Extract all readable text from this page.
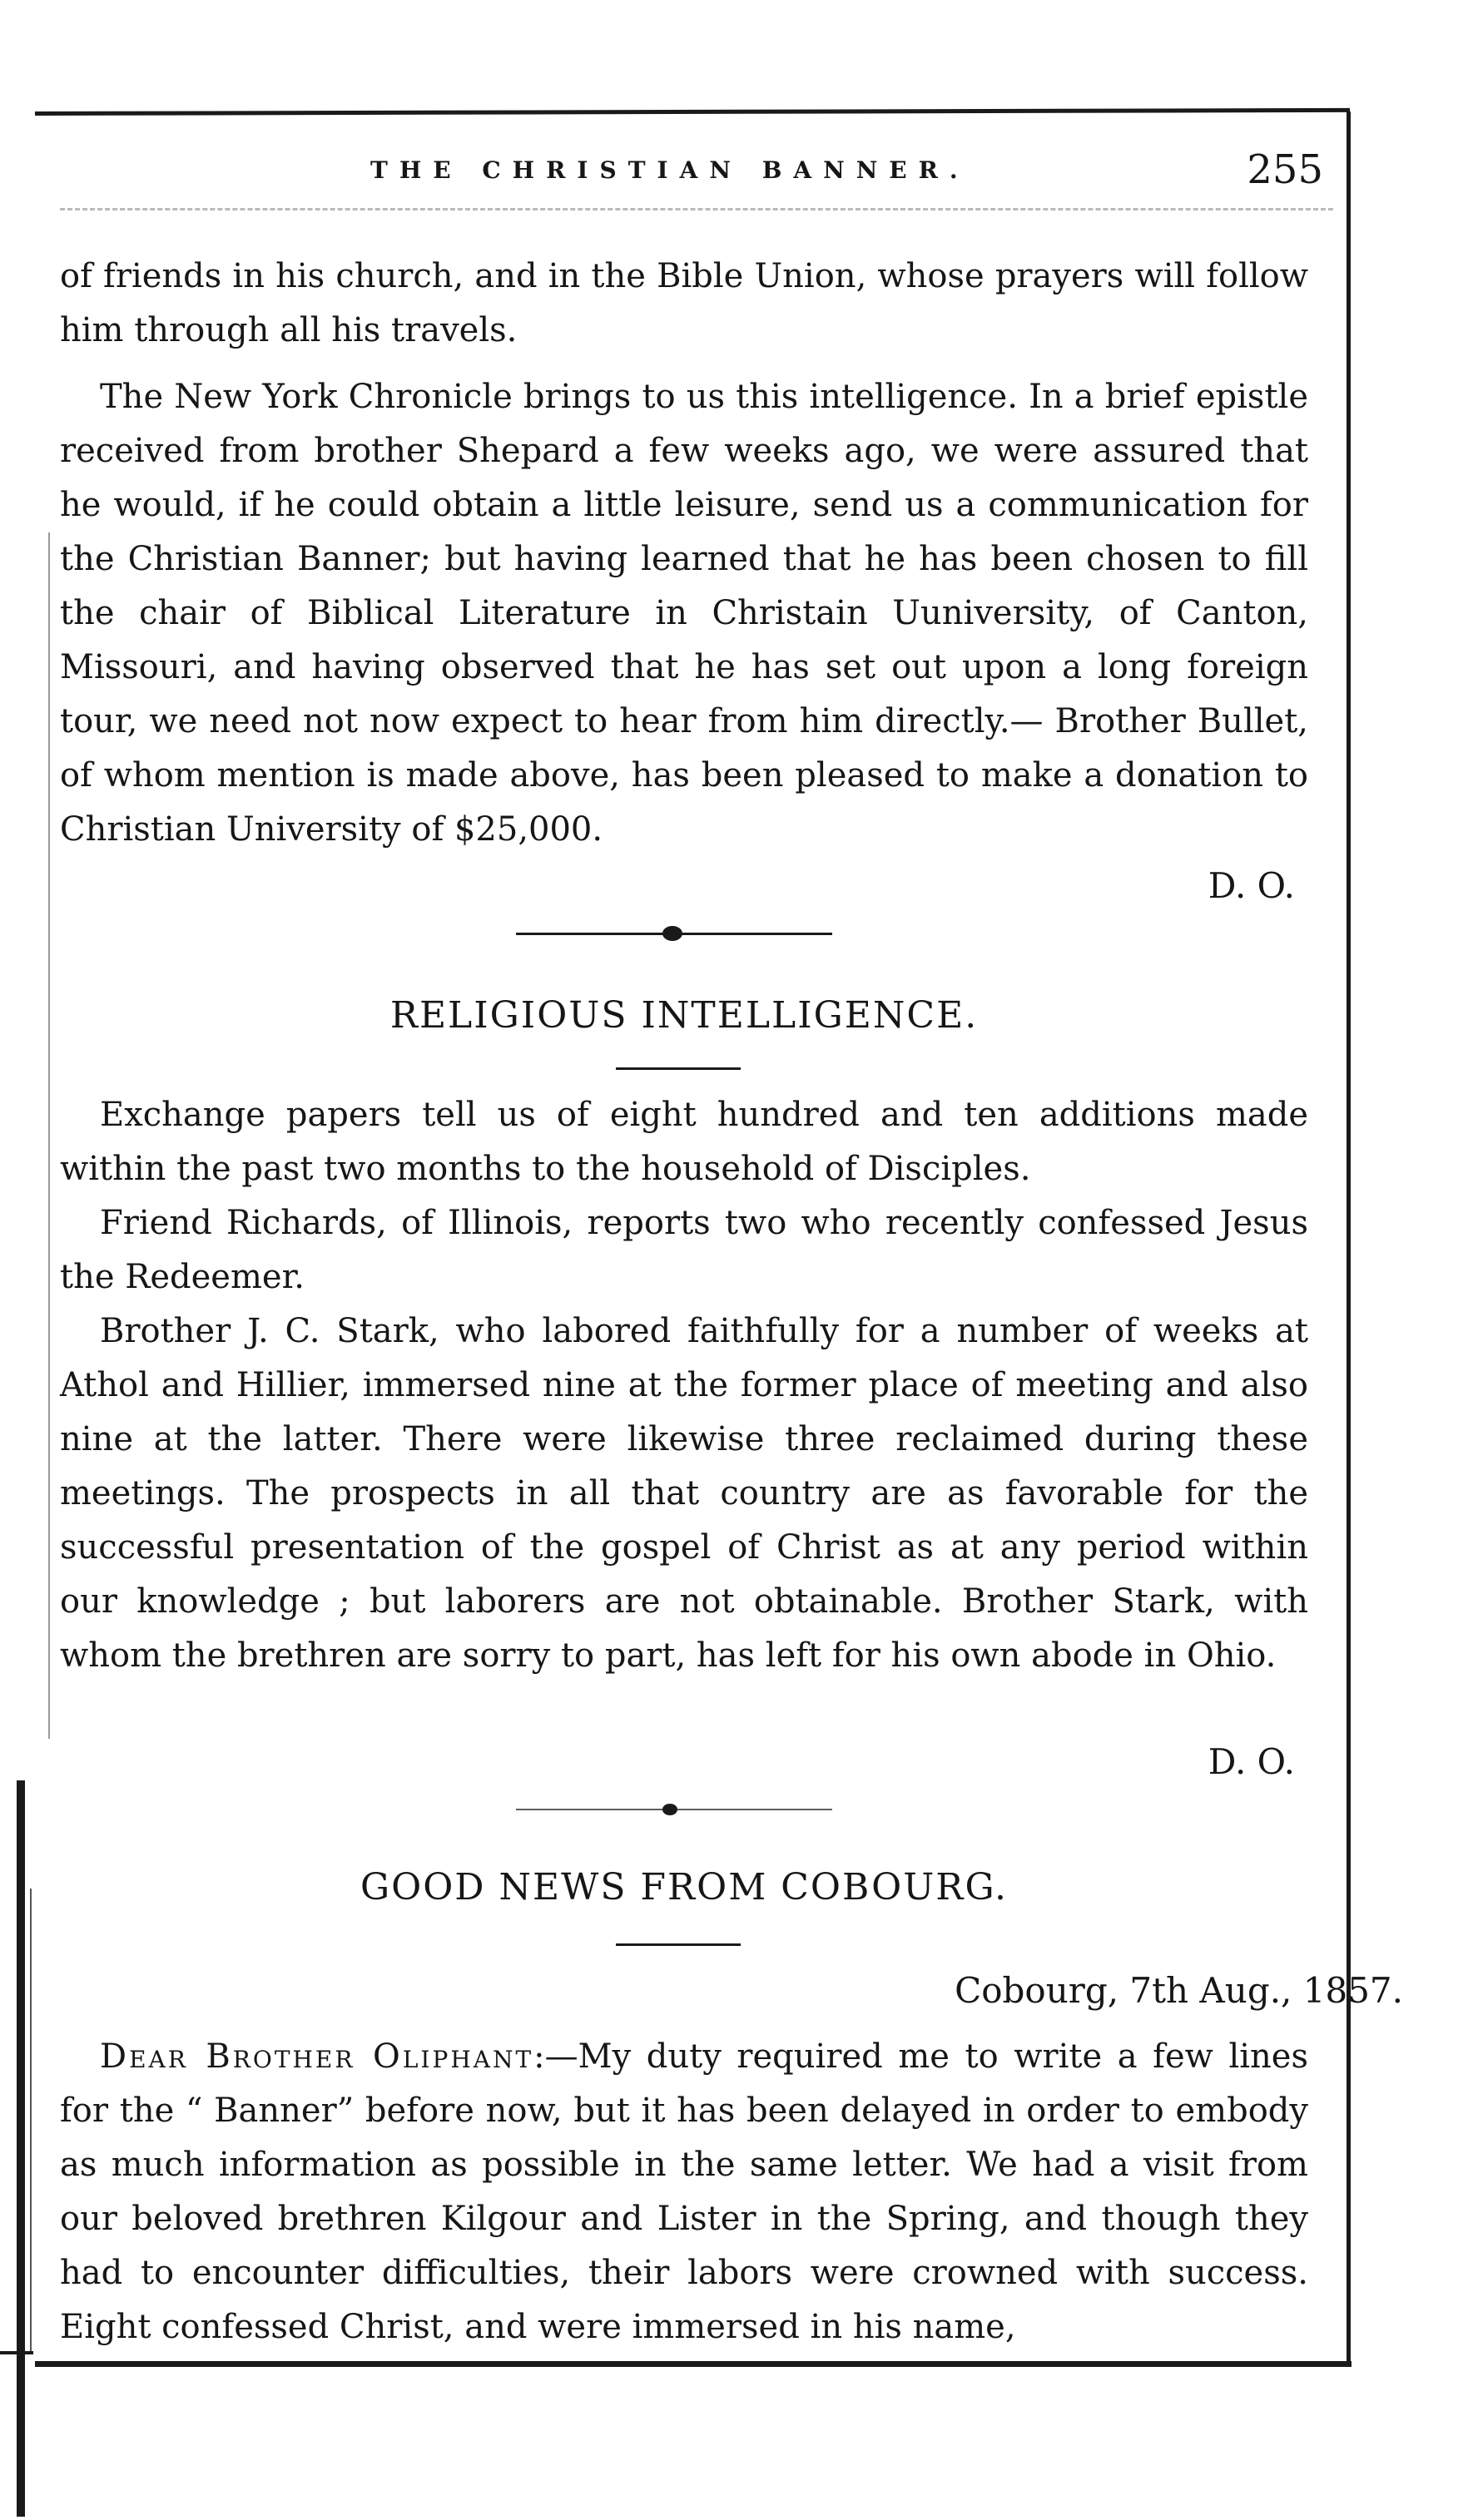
THE CHRISTIAN BANNER.	255

of friends in his church, and in the Bible Union, whose prayers will follow him through all his travels.

The New York Chronicle brings to us this intelligence. In a brief epistle received from brother Shepard a few weeks ago, we were assured that he would, if he could obtain a little leisure, send us a communication for the Christian Banner; but having learned that he has been chosen to fill the chair of Biblical Literature in Christain Uuniversity, of Canton, Missouri, and having observed that he has set out upon a long foreign tour, we need not now expect to hear from him directly.— Brother Bullet, of whom mention is made above, has been pleased to make a donation to Christian University of $25,000.

D. O.

RELIGIOUS INTELLIGENCE.

Exchange papers tell us of eight hundred and ten additions made within the past two months to the household of Disciples.

Friend Richards, of Illinois, reports two who recently confessed Jesus the Redeemer.

Brother J. C. Stark, who labored faithfully for a number of weeks at Athol and Hillier, immersed nine at the former place of meeting and also nine at the latter. There were likewise three reclaimed during these meetings. The prospects in all that country are as favorable for the successful presentation of the gospel of Christ as at any period within our knowledge ; but laborers are not obtainable. Brother Stark, with whom the brethren are sorry to part, has left for his own abode in Ohio.

D. O.

GOOD NEWS FROM COBOURG.

Cobourg, 7th Aug., 1857.

Dear Brother Oliphant:—My duty required me to write a few lines for the “ Banner” before now, but it has been delayed in order to embody as much information as possible in the same letter. We had a visit from our beloved brethren Kilgour and Lister in the Spring, and though they had to encounter difficulties, their labors were crowned with success. Eight confessed Christ, and were immersed in his name,
